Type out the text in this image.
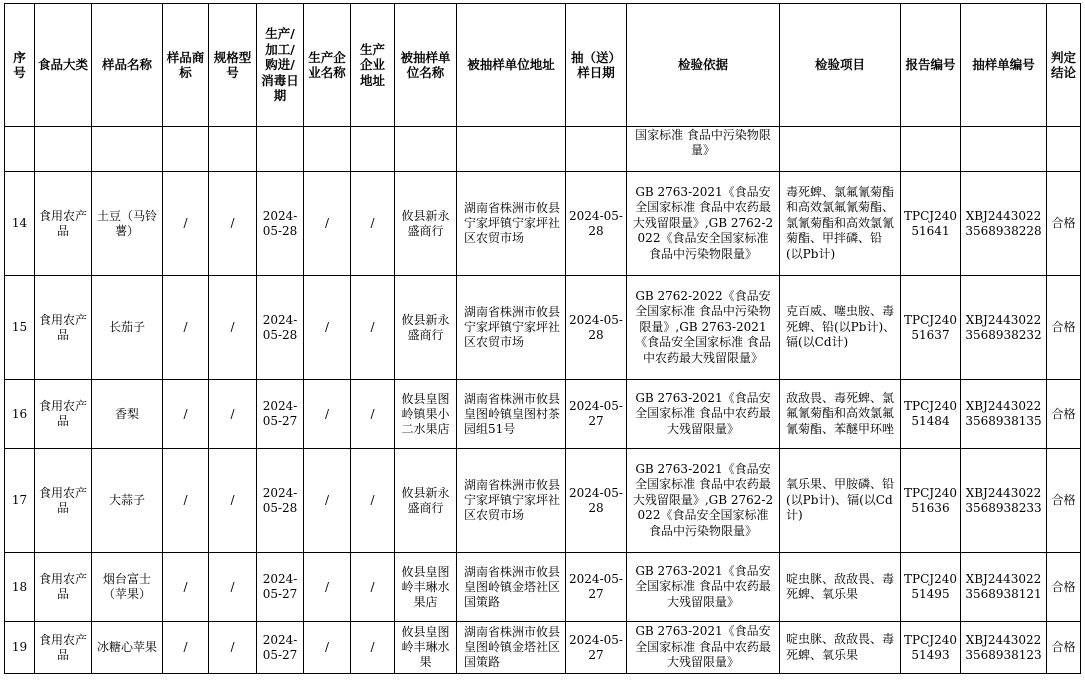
序号	食品大类	样品名称	样品商标	规格型号	生产/加工/购进/消毒日期	生产企业名称	生产企业地址	被抽样单位名称	被抽样单位地址	抽（送）样日期	检验依据	检验项目	报告编号	抽样单编号	判定结论
											国家标准 食品中污染物限量》				
14	食用农产品	土豆（马铃薯）	/	/	2024-05-28	/	/	攸县新永盛商行	湖南省株洲市攸县宁家坪镇宁家坪社区农贸市场	2024-05-28	GB 2763-2021《食品安全国家标准 食品中农药最大残留限量》,GB 2762-2022《食品安全国家标准 食品中污染物限量》	毒死蜱、氯氟氰菊酯和高效氯氟氰菊酯、氯氰菊酯和高效氯氰菊酯、甲拌磷、铅(以Pb计)	TPCJ24051641	XBJ24430223568938228	合格
15	食用农产品	长茄子	/	/	2024-05-28	/	/	攸县新永盛商行	湖南省株洲市攸县宁家坪镇宁家坪社区农贸市场	2024-05-28	GB 2762-2022《食品安全国家标准 食品中污染物限量》,GB 2763-2021《食品安全国家标准 食品中农药最大残留限量》	克百威、噻虫胺、毒死蜱、铅(以Pb计)、镉(以Cd计)	TPCJ24051637	XBJ24430223568938232	合格
16	食用农产品	香梨	/	/	2024-05-27	/	/	攸县皇图岭镇果小二水果店	湖南省株洲市攸县皇图岭镇皇图村茶园组51号	2024-05-27	GB 2763-2021《食品安全国家标准 食品中农药最大残留限量》	敌敌畏、毒死蜱、氯氟氰菊酯和高效氯氟氰菊酯、苯醚甲环唑	TPCJ24051484	XBJ24430223568938135	合格
17	食用农产品	大蒜子	/	/	2024-05-28	/	/	攸县新永盛商行	湖南省株洲市攸县宁家坪镇宁家坪社区农贸市场	2024-05-28	GB 2763-2021《食品安全国家标准 食品中农药最大残留限量》,GB 2762-2022《食品安全国家标准 食品中污染物限量》	氧乐果、甲胺磷、铅(以Pb计)、镉(以Cd计)	TPCJ24051636	XBJ24430223568938233	合格
18	食用农产品	烟台富士（苹果）	/	/	2024-05-27	/	/	攸县皇图岭丰琳水果店	湖南省株洲市攸县皇图岭镇金塔社区国策路	2024-05-27	GB 2763-2021《食品安全国家标准 食品中农药最大残留限量》	啶虫脒、敌敌畏、毒死蜱、氧乐果	TPCJ24051495	XBJ24430223568938121	合格
19	食用农产品	冰糖心苹果	/	/	2024-05-27	/	/	攸县皇图岭丰琳水果	湖南省株洲市攸县皇图岭镇金塔社区国策路	2024-05-27	GB 2763-2021《食品安全国家标准 食品中农药最大残留限量》	啶虫脒、敌敌畏、毒死蜱、氧乐果	TPCJ24051493	XBJ24430223568938123	合格
